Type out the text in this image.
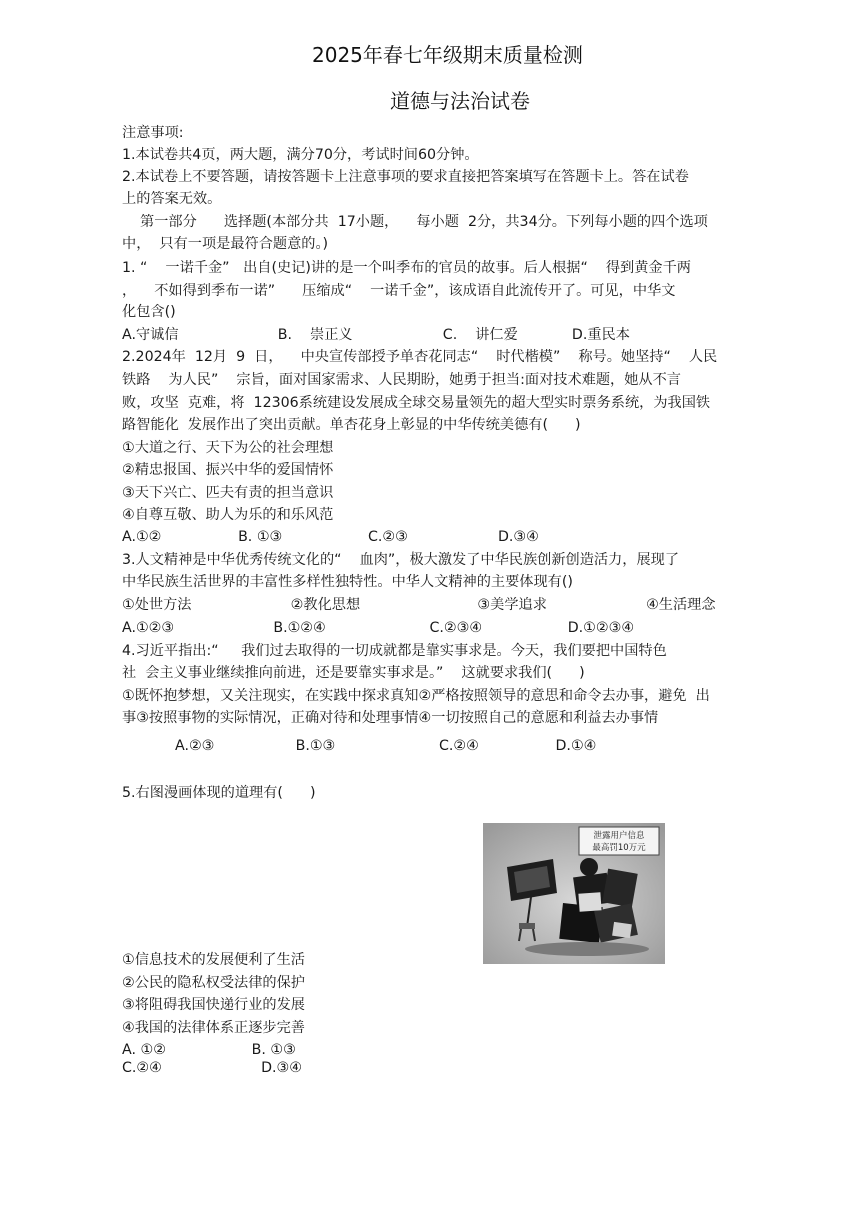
2025年春七年级期末质量检测
道德与法治试卷
注意事项:
1.本试卷共4页，两大题，满分70分，考试时间60分钟。
2.本试卷上不要答题，请按答题卡上注意事项的要求直接把答案填写在答题卡上。答在试卷
上的答案无效。
第一部分      选择题(本部分共  17小题，    每小题  2分，共34分。下列每小题的四个选项
中，  只有一项是最符合题意的。)
1. “    一诺千金”   出自(史记)讲的是一个叫季布的官员的故事。后人根据“    得到黄金千两
，    不如得到季布一诺”      压缩成“    一诺千金”，该成语自此流传开了。可见，中华文
化包含()
A.守诚信                      B.    崇正义                    C.    讲仁爱            D.重民本
2.2024年  12月  9  日，    中央宣传部授予单杏花同志“    时代楷模”    称号。她坚持“    人民
铁路    为人民”    宗旨，面对国家需求、人民期盼，她勇于担当:面对技术难题，她从不言
败，攻坚  克难，将  12306系统建设发展成全球交易量领先的超大型实时票务系统，为我国铁
路智能化  发展作出了突出贡献。单杏花身上彰显的中华传统美德有(      )
①大道之行、天下为公的社会理想
②精忠报国、振兴中华的爱国情怀
③天下兴亡、匹夫有责的担当意识
④自尊互敬、助人为乐的和乐风范
A.①②                 B. ①③                   C.②③                    D.③④
3.人文精神是中华优秀传统文化的“    血肉”，极大激发了中华民族创新创造活力，展现了
中华民族生活世界的丰富性多样性独特性。中华人文精神的主要体现有()
①处世方法                      ②教化思想                          ③美学追求                      ④生活理念
A.①②③                      B.①②④                       C.②③④                   D.①②③④
4.习近平指出:“     我们过去取得的一切成就都是靠实事求是。今天，我们要把中国特色
社  会主义事业继续推向前进，还是要靠实事求是。”    这就要求我们(      )
①既怀抱梦想，又关注现实，在实践中探求真知②严格按照领导的意思和命令去办事，避免  出
事③按照事物的实际情况，正确对待和处理事情④一切按照自己的意愿和利益去办事情
A.②③                  B.①③                       C.②④                 D.①④
5.右图漫画体现的道理有(      )
泄露用户信息
最高罚10万元
①信息技术的发展便利了生活
②公民的隐私权受法律的保护
③将阻碍我国快递行业的发展
④我国的法律体系正逐步完善
A. ①②                   B. ①③
C.②④                      D.③④
